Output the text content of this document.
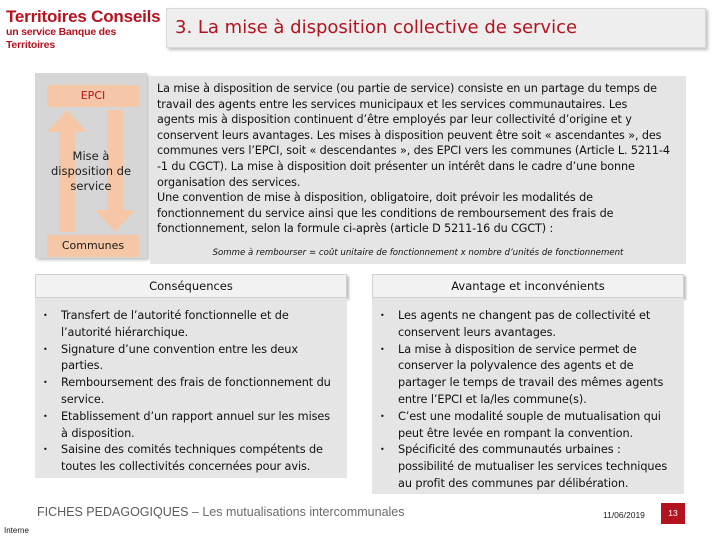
Territoires Conseils
un service Banque des Territoires
3. La mise à disposition collective de service
EPCI
Mise à
disposition de
service
Communes
La mise à disposition de service (ou partie de service) consiste en un partage du temps de
travail des agents entre les services municipaux et les services communautaires. Les
agents mis à disposition continuent d’être employés par leur collectivité d’origine et y
conservent leurs avantages. Les mises à disposition peuvent être soit « ascendantes », des
communes vers l’EPCI, soit « descendantes », des EPCI vers les communes (Article L. 5211-4
-1 du CGCT). La mise à disposition doit présenter un intérêt dans le cadre d’une bonne
organisation des services.
Une convention de mise à disposition, obligatoire, doit prévoir les modalités de
fonctionnement du service ainsi que les conditions de remboursement des frais de
fonctionnement, selon la formule ci-après (article D 5211-16 du CGCT) :
Somme à rembourser = coût unitaire de fonctionnement x nombre d’unités de fonctionnement
Conséquences
• Transfert de l’autorité fonctionnelle et de
l’autorité hiérarchique.
• Signature d’une convention entre les deux
parties.
• Remboursement des frais de fonctionnement du
service.
• Etablissement d’un rapport annuel sur les mises
à disposition.
• Saisine des comités techniques compétents de
toutes les collectivités concernées pour avis.
Avantage et inconvénients
• Les agents ne changent pas de collectivité et
conservent leurs avantages.
• La mise à disposition de service permet de
conserver la polyvalence des agents et de
partager le temps de travail des mêmes agents
entre l’EPCI et la/les commune(s).
• C’est une modalité souple de mutualisation qui
peut être levée en rompant la convention.
• Spécificité des communautés urbaines :
possibilité de mutualiser les services techniques
au profit des communes par délibération.
FICHES PEDAGOGIQUES – Les mutualisations intercommunales	11/06/2019	13
Interne
